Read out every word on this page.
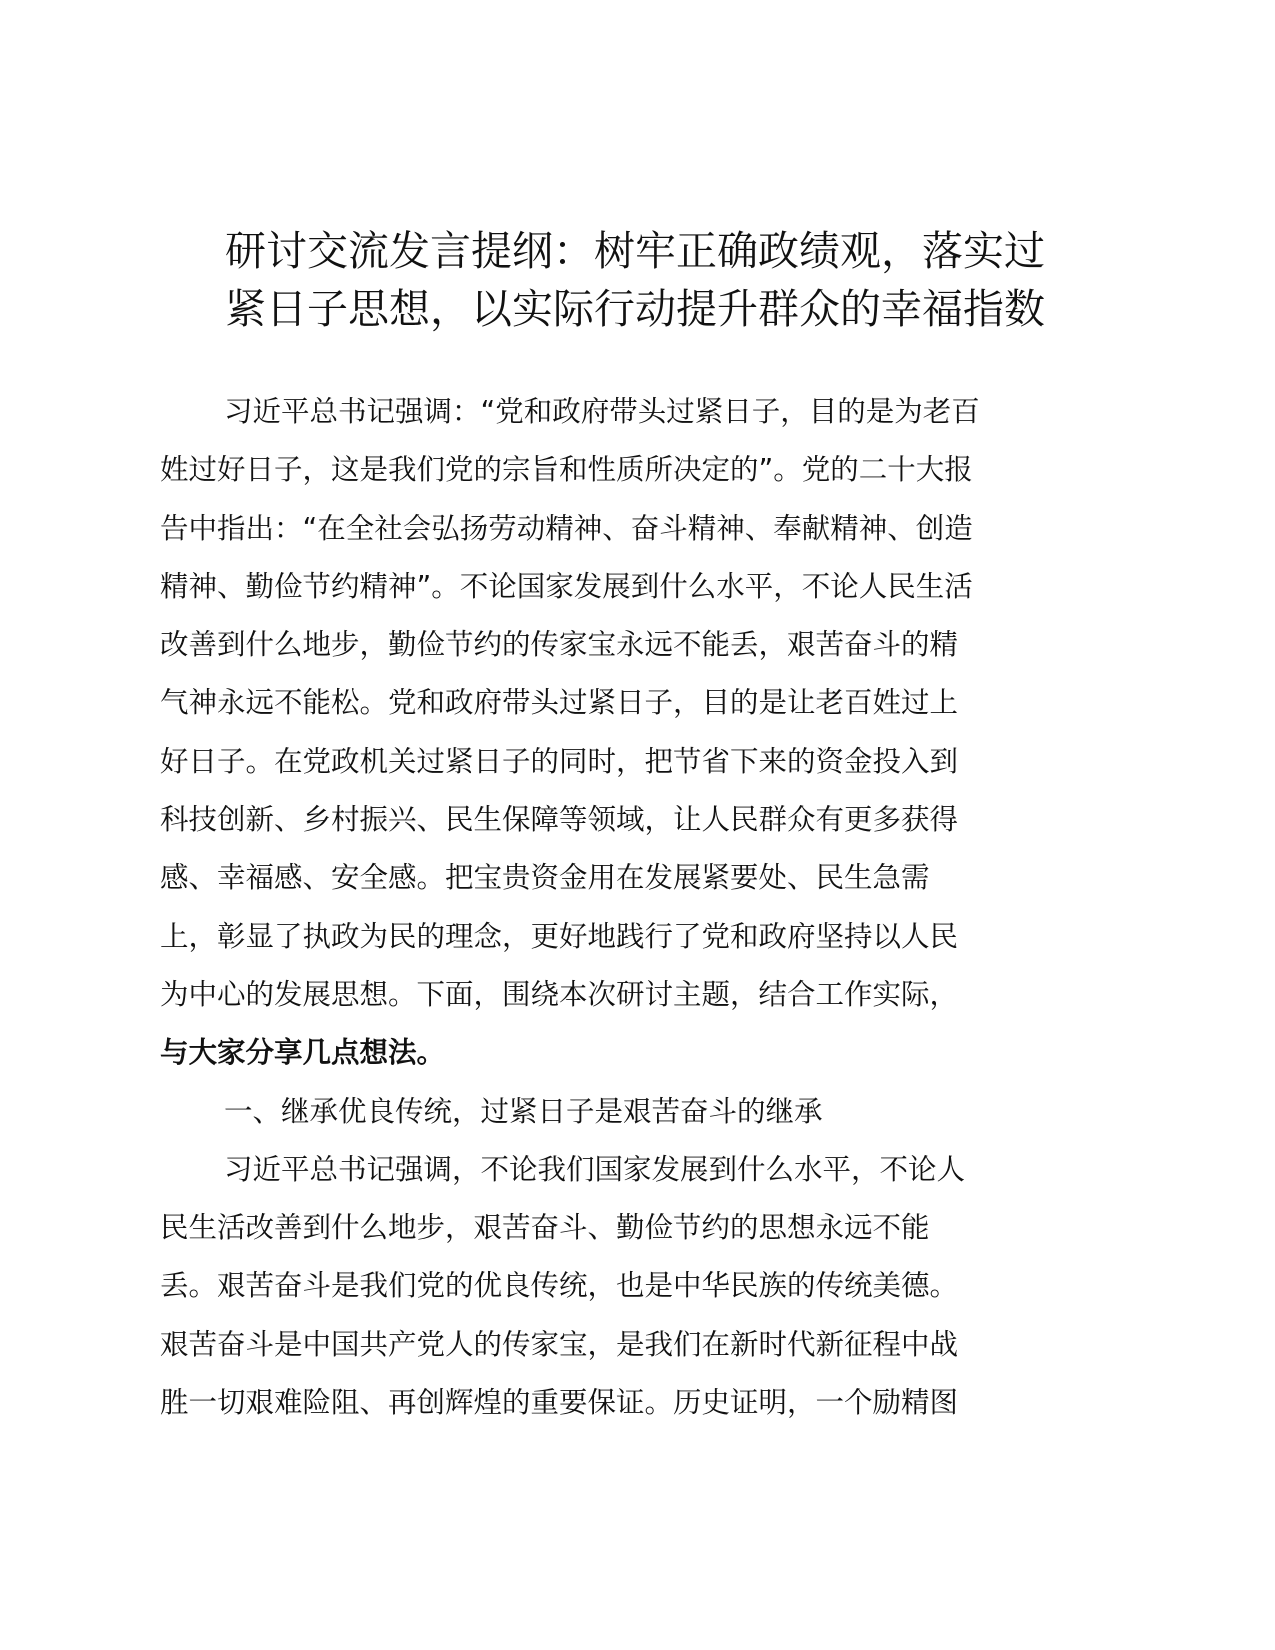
研讨交流发言提纲：树牢正确政绩观，落实过
紧日子思想，以实际行动提升群众的幸福指数
习近平总书记强调：“党和政府带头过紧日子，目的是为老百
姓过好日子，这是我们党的宗旨和性质所决定的”。党的二十大报
告中指出：“在全社会弘扬劳动精神、奋斗精神、奉献精神、创造
精神、勤俭节约精神”。不论国家发展到什么水平，不论人民生活
改善到什么地步，勤俭节约的传家宝永远不能丢，艰苦奋斗的精
气神永远不能松。党和政府带头过紧日子，目的是让老百姓过上
好日子。在党政机关过紧日子的同时，把节省下来的资金投入到
科技创新、乡村振兴、民生保障等领域，让人民群众有更多获得
感、幸福感、安全感。把宝贵资金用在发展紧要处、民生急需
上，彰显了执政为民的理念，更好地践行了党和政府坚持以人民
为中心的发展思想。下面，围绕本次研讨主题，结合工作实际，
与大家分享几点想法。
一、继承优良传统，过紧日子是艰苦奋斗的继承
习近平总书记强调，不论我们国家发展到什么水平，不论人
民生活改善到什么地步，艰苦奋斗、勤俭节约的思想永远不能
丢。艰苦奋斗是我们党的优良传统，也是中华民族的传统美德。
艰苦奋斗是中国共产党人的传家宝，是我们在新时代新征程中战
胜一切艰难险阻、再创辉煌的重要保证。历史证明，一个励精图
